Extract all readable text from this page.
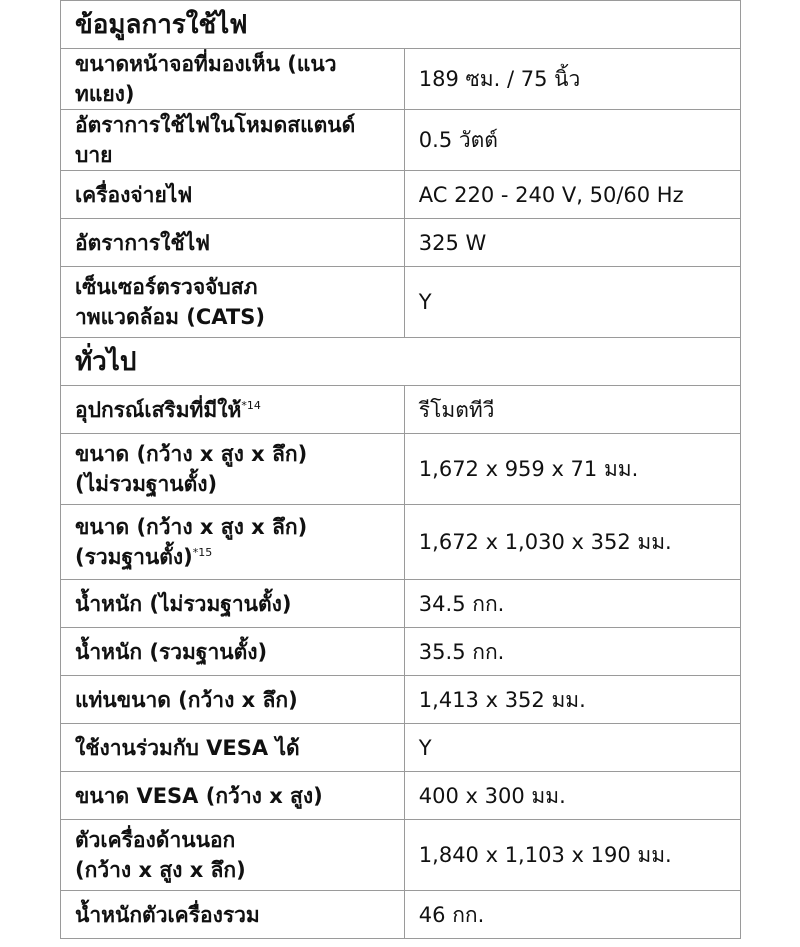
ข้อมูลการใช้ไฟ	
ขนาดหน้าจอที่มองเห็น (แนวทแยง)	189 ซม. / 75 นิ้ว
อัตราการใช้ไฟในโหมดสแตนด์บาย	0.5 วัตต์
เครื่องจ่ายไฟ	AC 220 - 240 V, 50/60 Hz
อัตราการใช้ไฟ	325 W

เซ็นเซอร์ตรวจจับสภ
าพแวดล้อม (CATS)	Y
ทั่วไป	
อุปกรณ์เสริมที่มีให้$^{*14}$	รีโมตทีวี

ขนาด (กว้าง x สูง x ลึก)
(ไม่รวมฐานตั้ง)	1,672 x 959 x 71 มม.

ขนาด (กว้าง x สูง x ลึก)
(รวมฐานตั้ง)$^{*15}$	1,672 x 1,030 x 352 มม.
น้ำหนัก (ไม่รวมฐานตั้ง)	34.5 กก.
น้ำหนัก (รวมฐานตั้ง)	35.5 กก.
แท่นขนาด (กว้าง x ลึก)	1,413 x 352 มม.
ใช้งานร่วมกับ VESA ได้	Y
ขนาด VESA (กว้าง x สูง)	400 x 300 มม.

ตัวเครื่องด้านนอก
(กว้าง x สูง x ลึก)	1,840 x 1,103 x 190 มม.
น้ำหนักตัวเครื่องรวม	46 กก.
